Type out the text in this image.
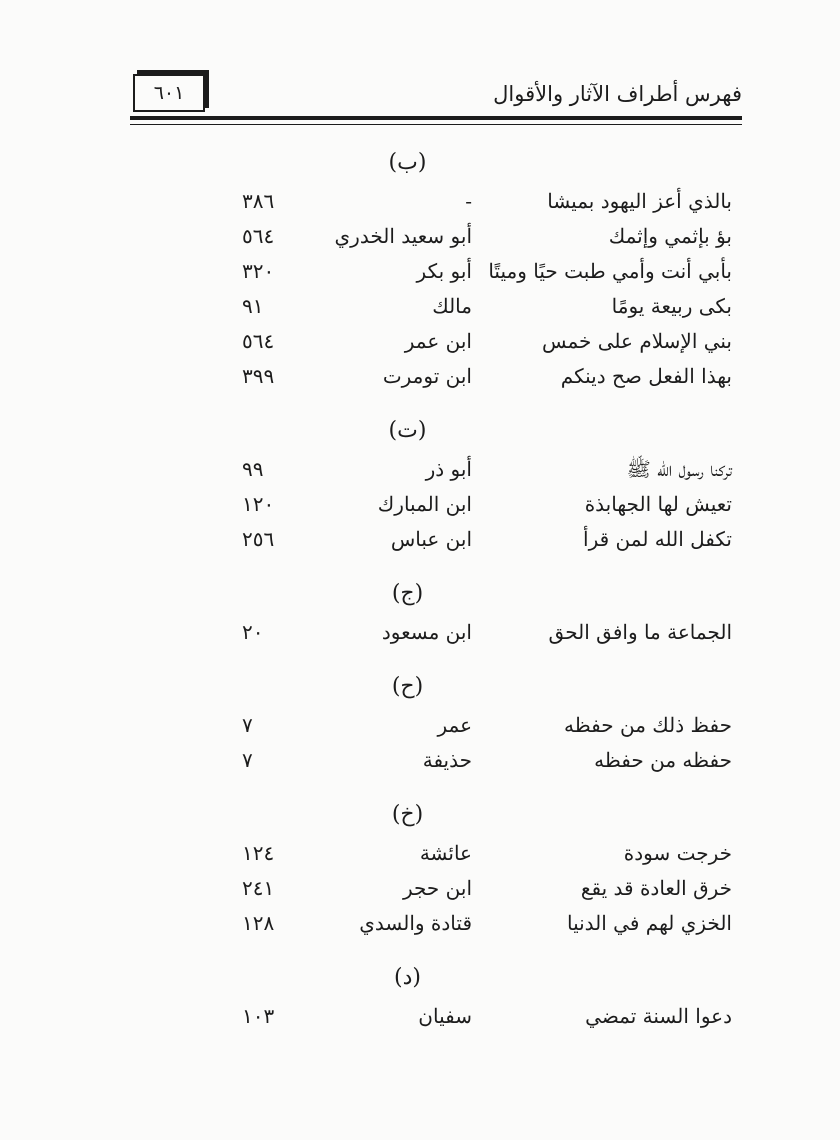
فهرس أطراف الآثار والأقوال
٦٠١
(ب)
بالذي أعز اليهود بميشا
-
٣٨٦
بؤ بإثمي وإثمك
أبو سعيد الخدري
٥٦٤
بأبي أنت وأمي طبت حيًا وميتًا
أبو بكر
٣٢٠
بكى ربيعة يومًا
مالك
٩١
بني الإسلام على خمس
ابن عمر
٥٦٤
بهذا الفعل صح دينكم
ابن تومرت
٣٩٩
(ت)
تركنا رسول الله ﷺ
أبو ذر
٩٩
تعيش لها الجهابذة
ابن المبارك
١٢٠
تكفل الله لمن قرأ
ابن عباس
٢٥٦
(ج)
الجماعة ما وافق الحق
ابن مسعود
٢٠
(ح)
حفظ ذلك من حفظه
عمر
٧
حفظه من حفظه
حذيفة
٧
(خ)
خرجت سودة
عائشة
١٢٤
خرق العادة قد يقع
ابن حجر
٢٤١
الخزي لهم في الدنيا
قتادة والسدي
١٢٨
(د)
دعوا السنة تمضي
سفيان
١٠٣
